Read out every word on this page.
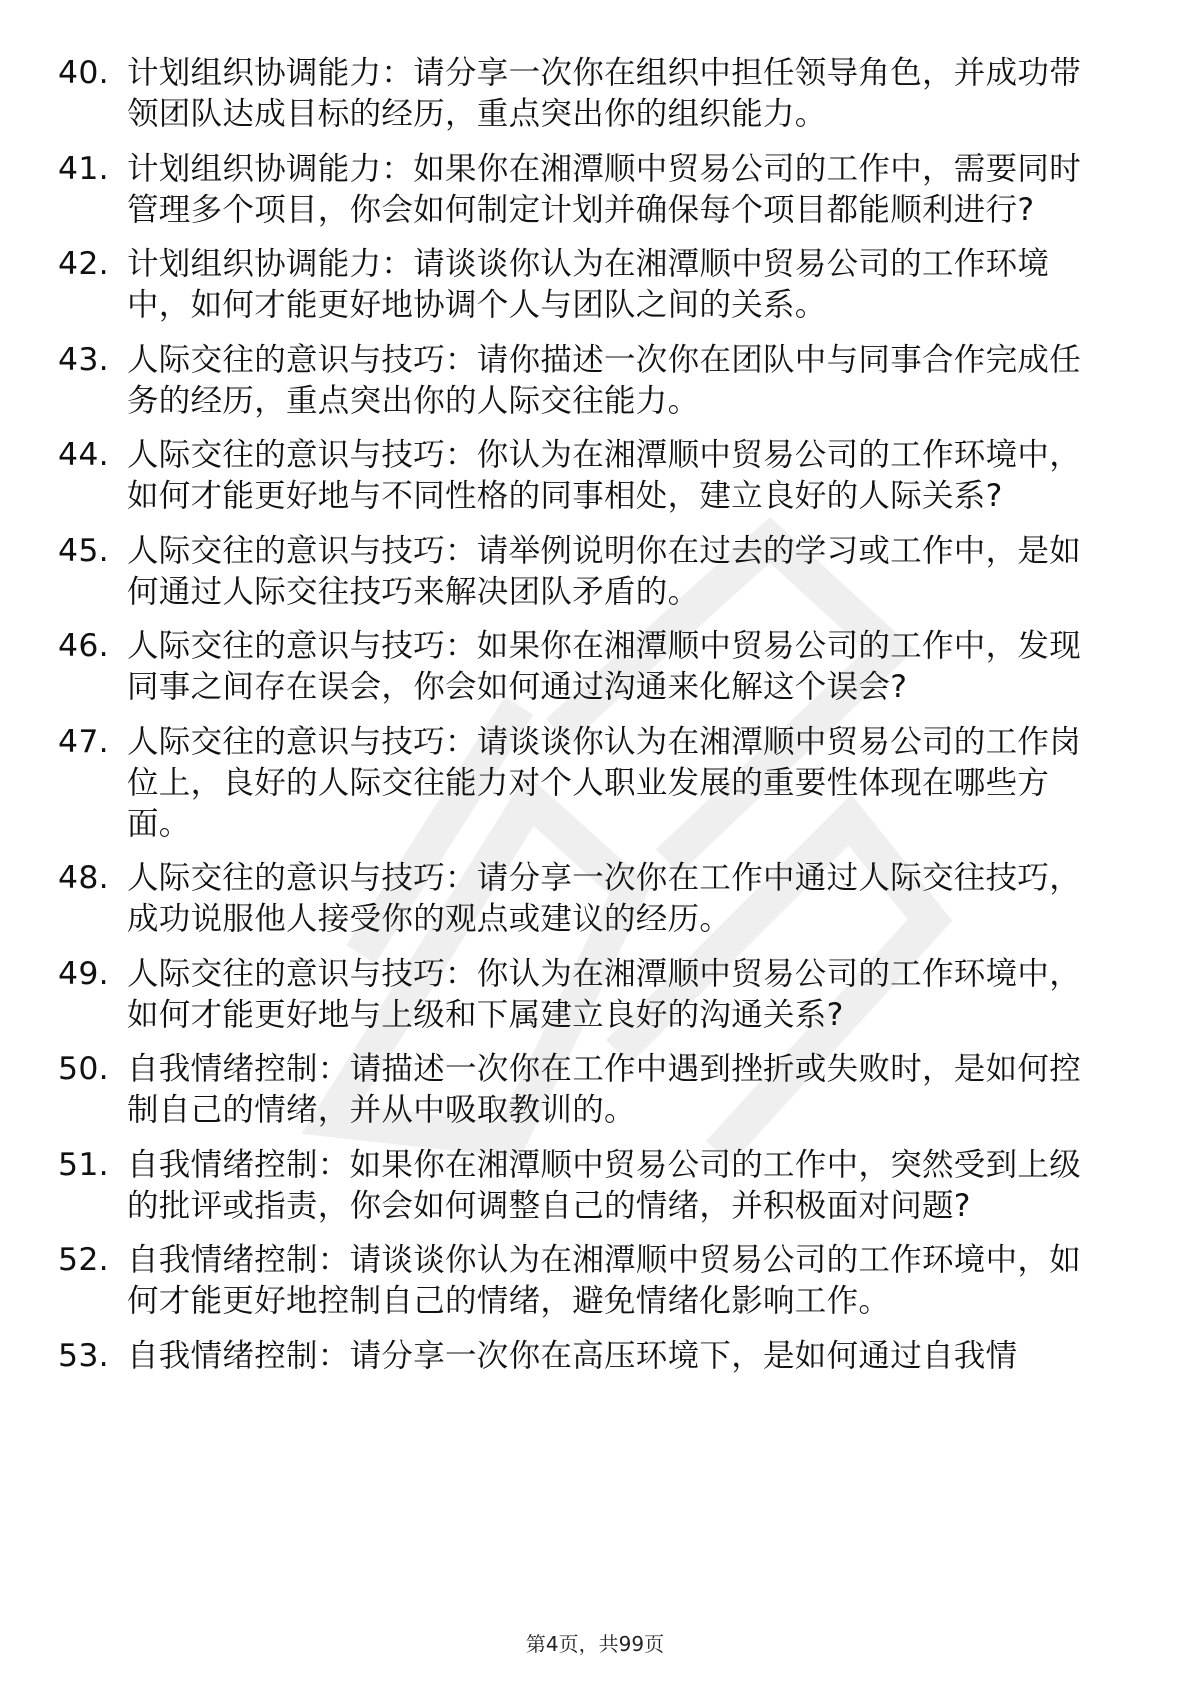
40. 计划组织协调能力：请分享一次你在组织中担任领导角色，并成功带领团队达成目标的经历，重点突出你的组织能力。
41. 计划组织协调能力：如果你在湘潭顺中贸易公司的工作中，需要同时管理多个项目，你会如何制定计划并确保每个项目都能顺利进行?
42. 计划组织协调能力：请谈谈你认为在湘潭顺中贸易公司的工作环境中，如何才能更好地协调个人与团队之间的关系。
43. 人际交往的意识与技巧：请你描述一次你在团队中与同事合作完成任务的经历，重点突出你的人际交往能力。
44. 人际交往的意识与技巧：你认为在湘潭顺中贸易公司的工作环境中，如何才能更好地与不同性格的同事相处，建立良好的人际关系?
45. 人际交往的意识与技巧：请举例说明你在过去的学习或工作中，是如何通过人际交往技巧来解决团队矛盾的。
46. 人际交往的意识与技巧：如果你在湘潭顺中贸易公司的工作中，发现同事之间存在误会，你会如何通过沟通来化解这个误会?
47. 人际交往的意识与技巧：请谈谈你认为在湘潭顺中贸易公司的工作岗位上，良好的人际交往能力对个人职业发展的重要性体现在哪些方面。
48. 人际交往的意识与技巧：请分享一次你在工作中通过人际交往技巧，成功说服他人接受你的观点或建议的经历。
49. 人际交往的意识与技巧：你认为在湘潭顺中贸易公司的工作环境中，如何才能更好地与上级和下属建立良好的沟通关系?
50. 自我情绪控制：请描述一次你在工作中遇到挫折或失败时，是如何控制自己的情绪，并从中吸取教训的。
51. 自我情绪控制：如果你在湘潭顺中贸易公司的工作中，突然受到上级的批评或指责，你会如何调整自己的情绪，并积极面对问题?
52. 自我情绪控制：请谈谈你认为在湘潭顺中贸易公司的工作环境中，如何才能更好地控制自己的情绪，避免情绪化影响工作。
53. 自我情绪控制：请分享一次你在高压环境下，是如何通过自我情
第4页，共99页
